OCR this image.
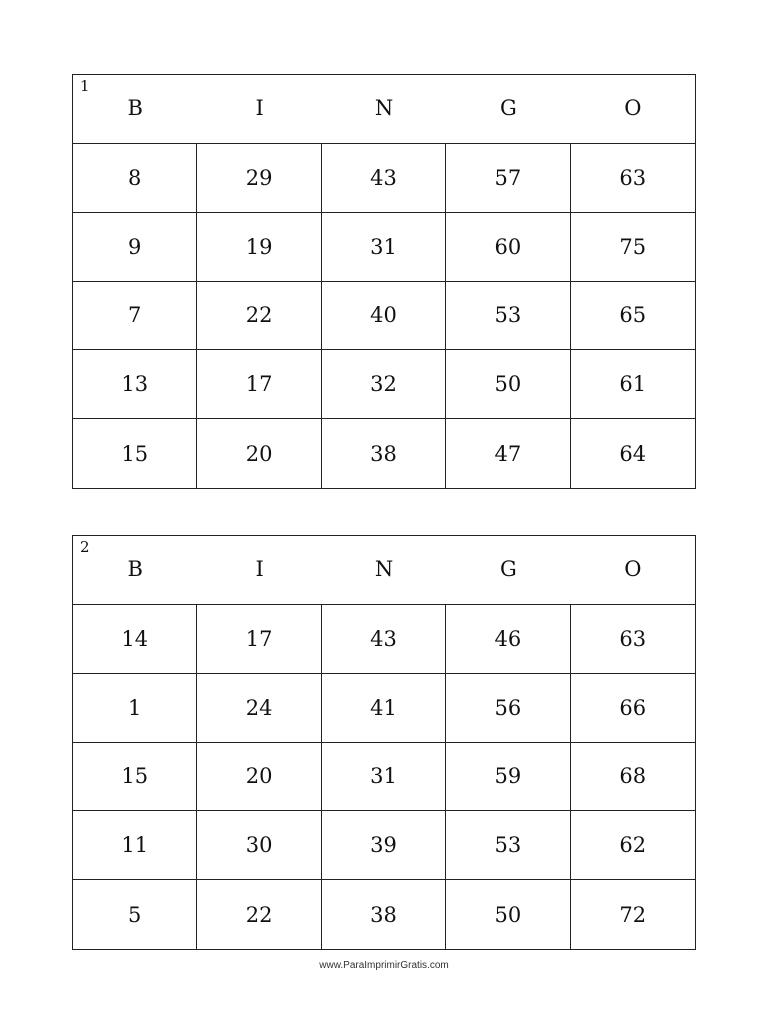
1
B	I	N	G	O
8	29	43	57	63
9	19	31	60	75
7	22	40	53	65
13	17	32	50	61
15	20	38	47	64
2
B	I	N	G	O
14	17	43	46	63
1	24	41	56	66
15	20	31	59	68
11	30	39	53	62
5	22	38	50	72
www.ParaImprimirGratis.com
